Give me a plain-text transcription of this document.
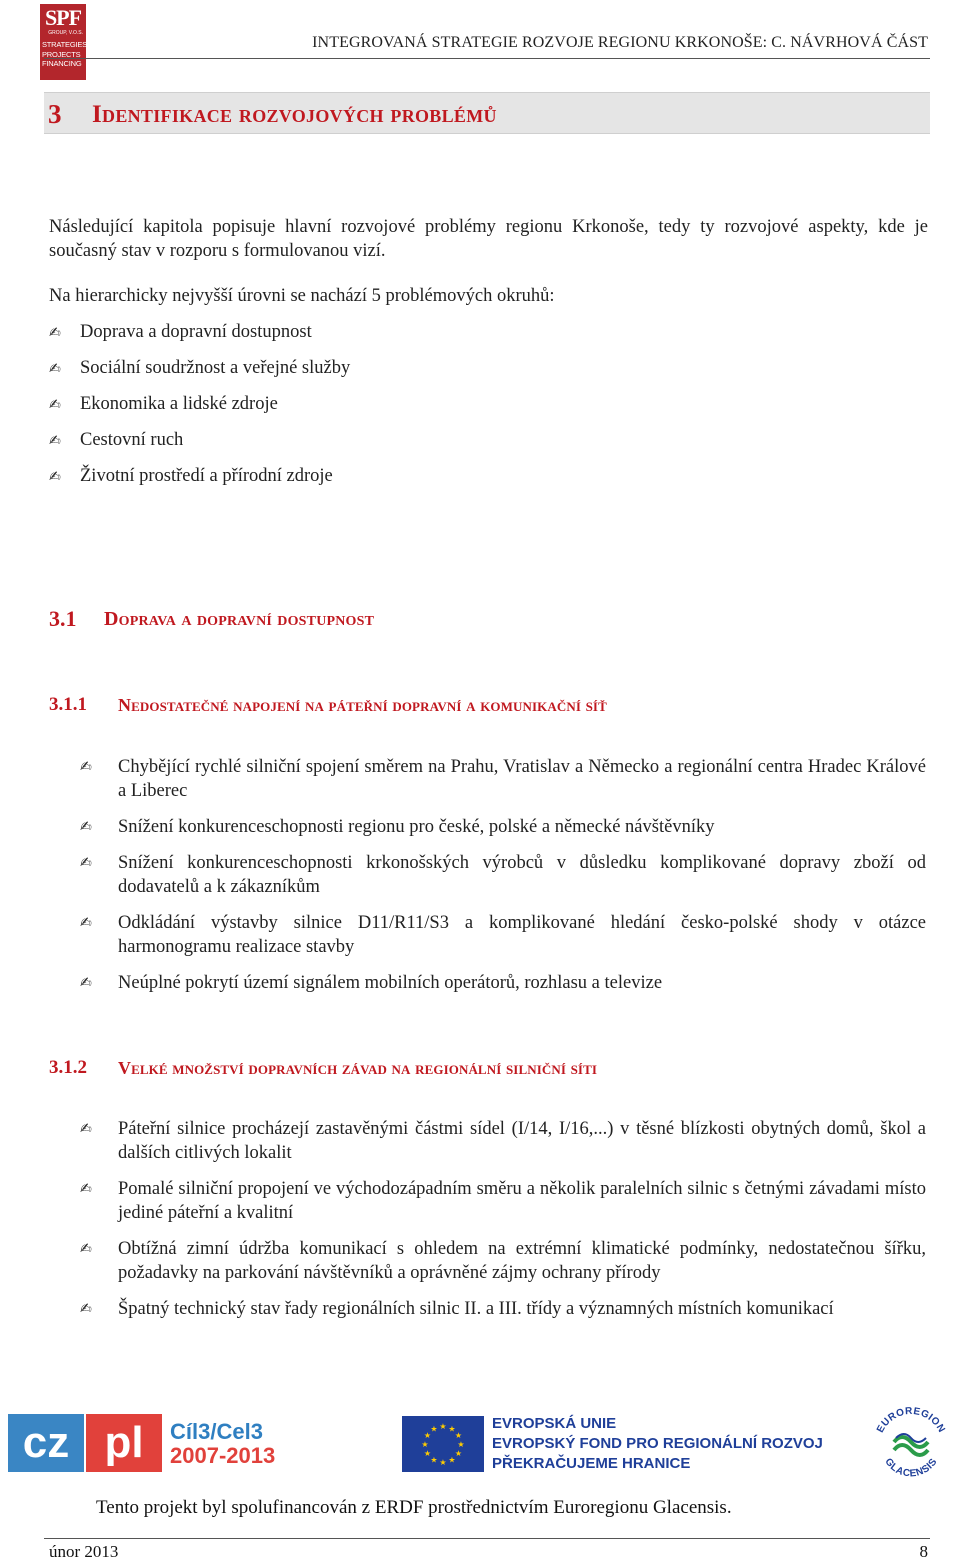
SPF
GROUP, V.O.S.
STRATEGIES
PROJECTS
FINANCING
INTEGROVANÁ STRATEGIE ROZVOJE REGIONU KRKONOŠE: C. NÁVRHOVÁ ČÁST
3 Identifikace rozvojových problémů

Následující kapitola popisuje hlavní rozvojové problémy regionu Krkonoše, tedy ty rozvojové aspekty, kde je současný stav v rozporu s formulovanou vizí.

Na hierarchicky nejvyšší úrovni se nachází 5 problémových okruhů:

✍ Doprava a dopravní dostupnost
✍ Sociální soudržnost a veřejné služby
✍ Ekonomika a lidské zdroje
✍ Cestovní ruch
✍ Životní prostředí a přírodní zdroje
3.1 Doprava a dopravní dostupnost
3.1.1 Nedostatečné napojení na páteřní dopravní a komunikační síť
✍	Chybějící rychlé silniční spojení směrem na Prahu, Vratislav a Německo a regionální centra Hradec Králové a Liberec
✍	Snížení konkurenceschopnosti regionu pro české, polské a německé návštěvníky
✍	Snížení konkurenceschopnosti krkonošských výrobců v důsledku komplikované dopravy zboží od dodavatelů a k zákazníkům
✍	Odkládání výstavby silnice D11/R11/S3 a komplikované hledání česko-polské shody v otázce harmonogramu realizace stavby
✍	Neúplné pokrytí území signálem mobilních operátorů, rozhlasu a televize
3.1.2 Velké množství dopravních závad na regionální silniční síti
✍	Páteřní silnice procházejí zastavěnými částmi sídel (I/14, I/16,...) v těsné blízkosti obytných domů, škol a dalších citlivých lokalit
✍	Pomalé silniční propojení ve východozápadním směru a několik paralelních silnic s četnými závadami místo jediné páteřní a kvalitní
✍	Obtížná zimní údržba komunikací s ohledem na extrémní klimatické podmínky, nedostatečnou šířku, požadavky na parkování návštěvníků a oprávněné zájmy ochrany přírody
✍	Špatný technický stav řady regionálních silnic II. a III. třídy a významných místních komunikací
cz pl	Cíl3/Cel3
2007-2013
★ ★
★
★
★
★
★
★
★
★
★
★	EVROPSKÁ UNIE
EVROPSKÝ FOND PRO REGIONÁLNÍ ROZVOJ
PŘEKRAČUJEME HRANICE
EUROREGION
GLACENSIS
Tento projekt byl spolufinancován z ERDF prostřednictvím Euroregionu Glacensis.
únor 2013	8
